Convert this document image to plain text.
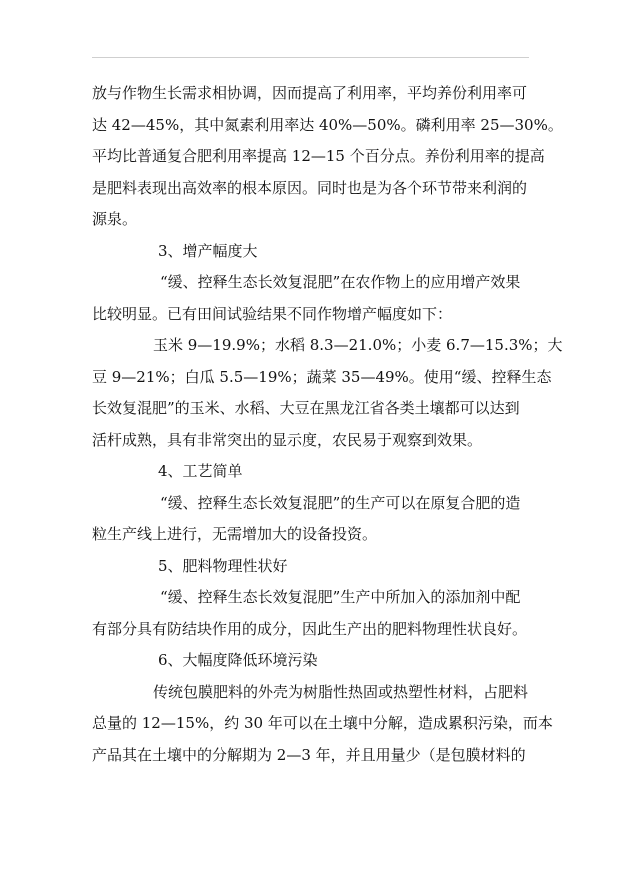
放与作物生长需求相协调，因而提高了利用率，平均养份利用率可
达 42—45%，其中氮素利用率达 40%—50%。磷利用率 25—30%。
平均比普通复合肥利用率提高 12—15 个百分点。养份利用率的提高
是肥料表现出高效率的根本原因。同时也是为各个环节带来利润的
源泉。
3、增产幅度大
“缓、控释生态长效复混肥”在农作物上的应用增产效果
比较明显。已有田间试验结果不同作物增产幅度如下：
玉米 9—19.9%；水稻 8.3—21.0%；小麦 6.7—15.3%；大
豆 9—21%；白瓜 5.5—19%；蔬菜 35—49%。使用“缓、控释生态
长效复混肥”的玉米、水稻、大豆在黑龙江省各类土壤都可以达到
活杆成熟，具有非常突出的显示度，农民易于观察到效果。
4、工艺简单
“缓、控释生态长效复混肥”的生产可以在原复合肥的造
粒生产线上进行，无需增加大的设备投资。
5、肥料物理性状好
“缓、控释生态长效复混肥”生产中所加入的添加剂中配
有部分具有防结块作用的成分，因此生产出的肥料物理性状良好。
6、大幅度降低环境污染
传统包膜肥料的外壳为树脂性热固或热塑性材料，占肥料
总量的 12—15%，约 30 年可以在土壤中分解，造成累积污染，而本
产品其在土壤中的分解期为 2—3 年，并且用量少（是包膜材料的
